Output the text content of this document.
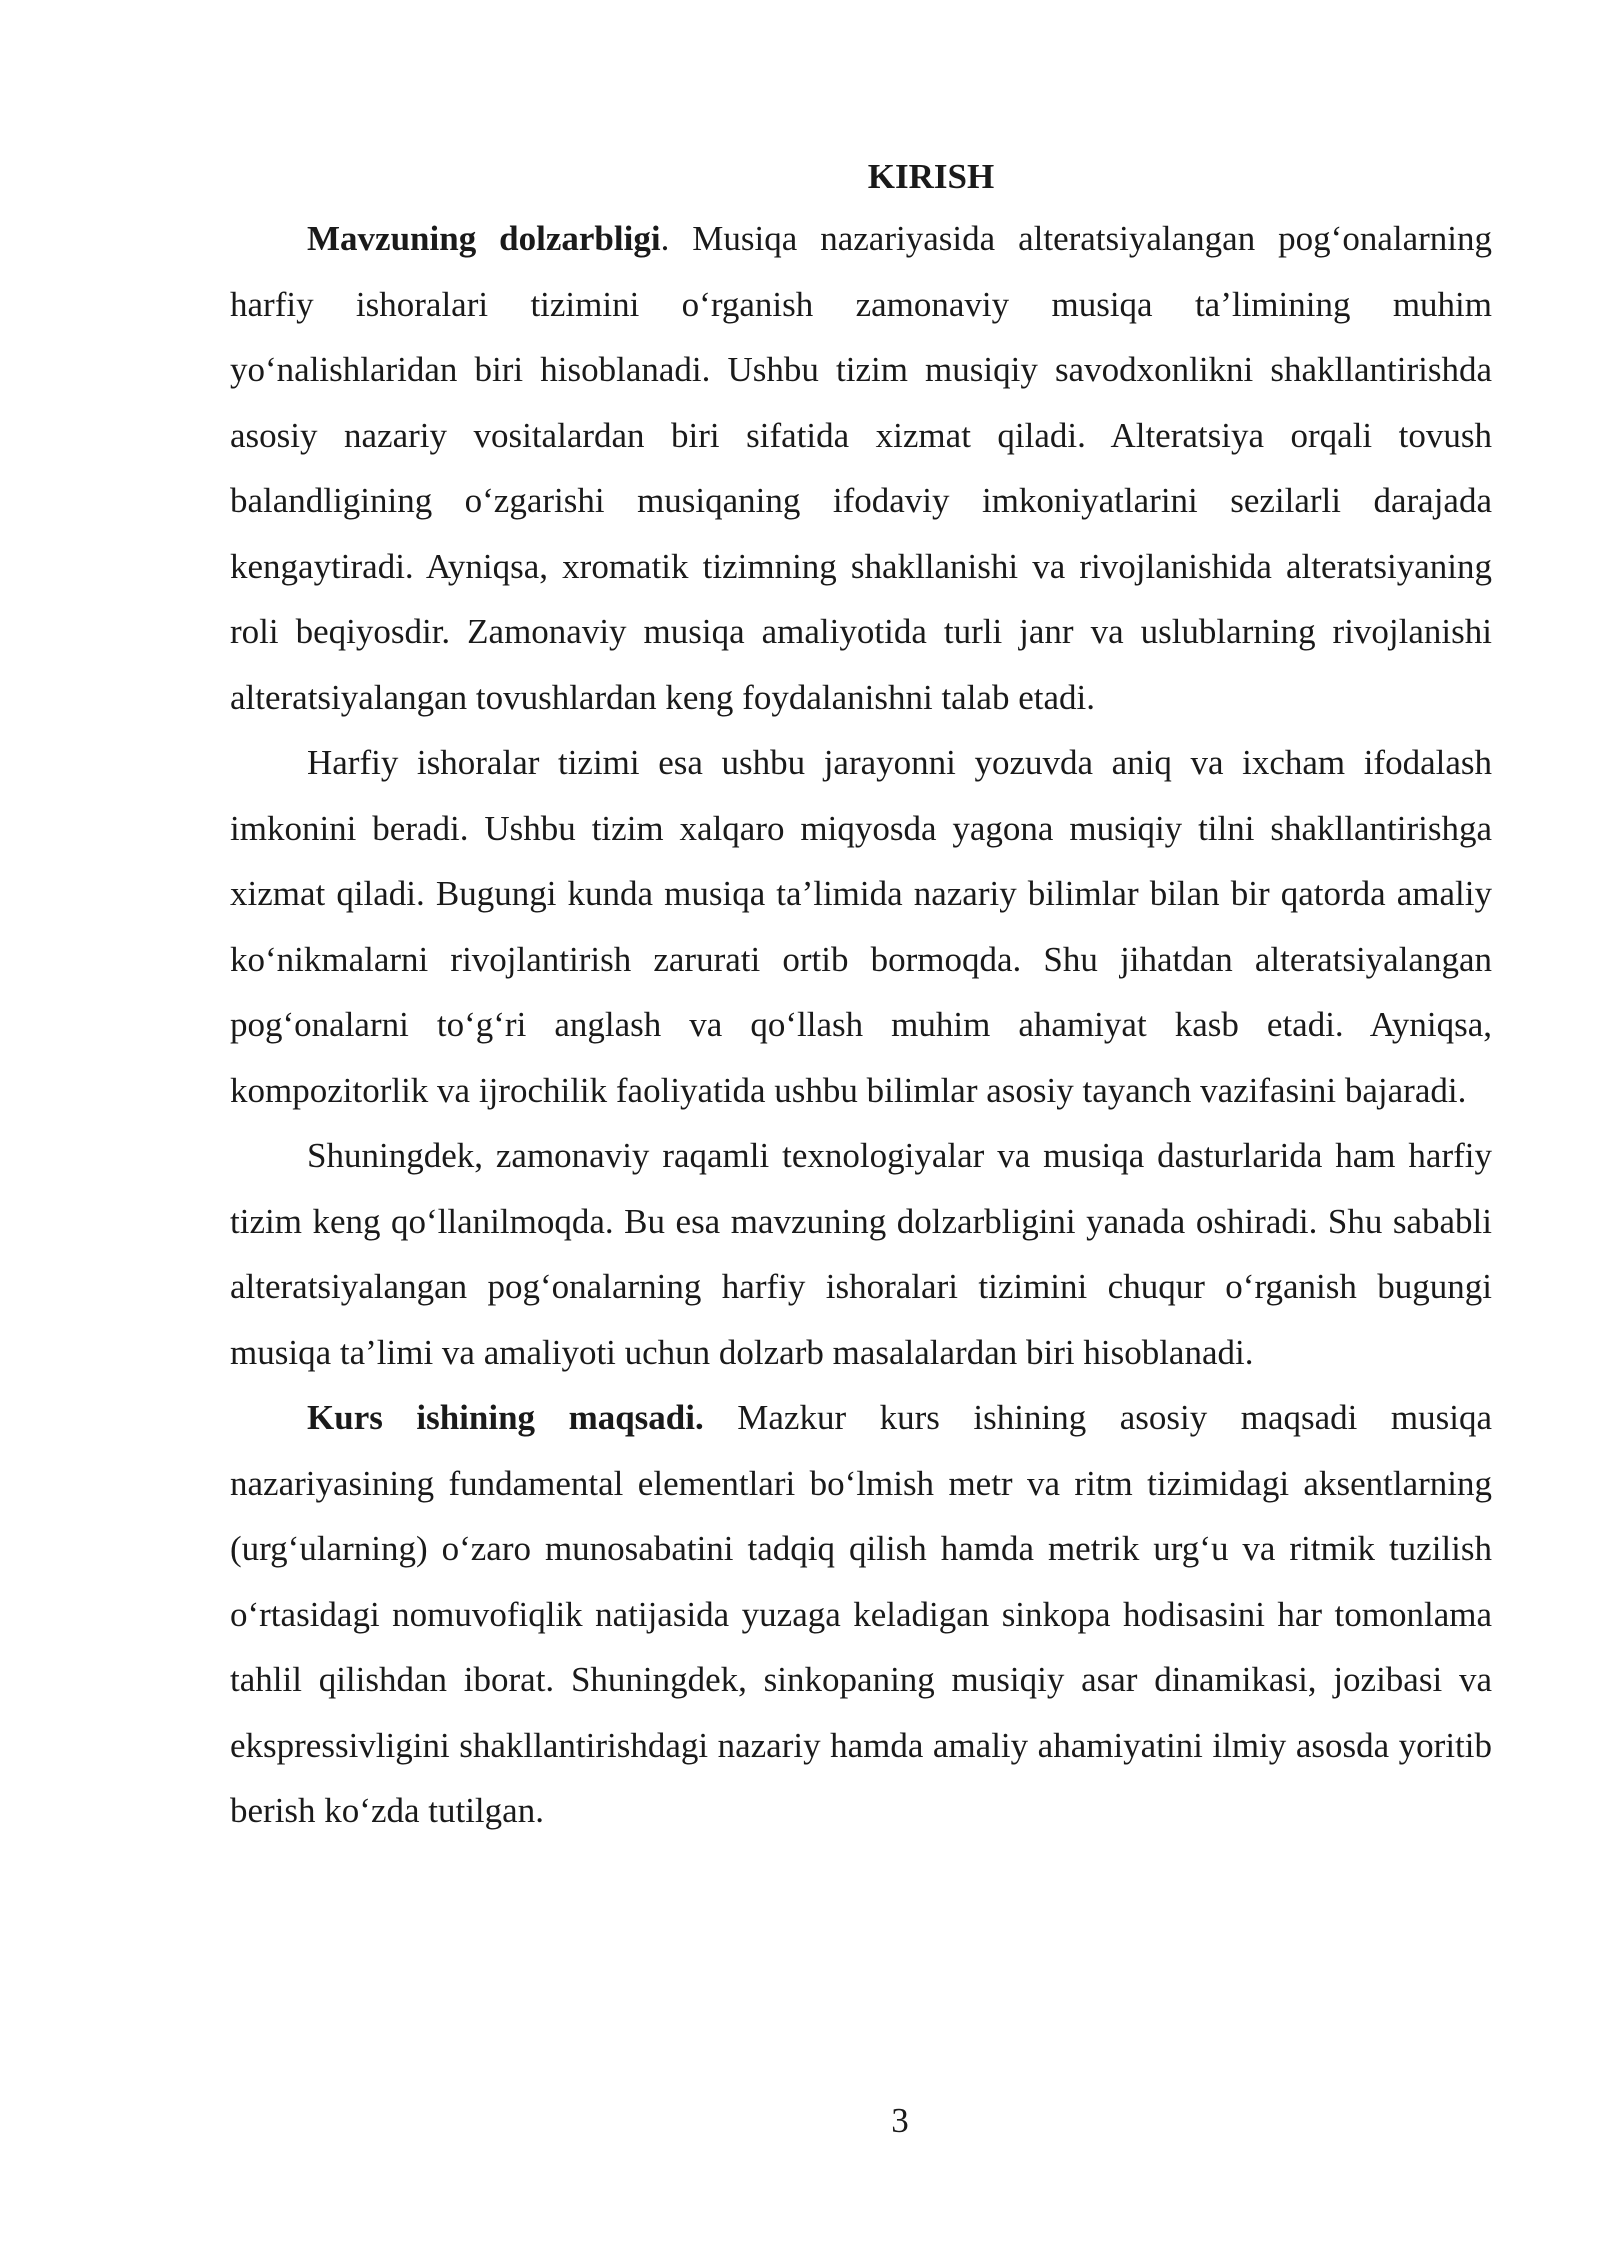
KIRISH

Mavzuning dolzarbligi. Musiqa nazariyasida alteratsiyalangan pog‘onalarning harfiy ishoralari tizimini o‘rganish zamonaviy musiqa ta’limining muhim yo‘nalishlaridan biri hisoblanadi. Ushbu tizim musiqiy savodxonlikni shakllantirishda asosiy nazariy vositalardan biri sifatida xizmat qiladi. Alteratsiya orqali tovush balandligining o‘zgarishi musiqaning ifodaviy imkoniyatlarini sezilarli darajada kengaytiradi. Ayniqsa, xromatik tizimning shakllanishi va rivojlanishida alteratsiyaning roli beqiyosdir. Zamonaviy musiqa amaliyotida turli janr va uslublarning rivojlanishi alteratsiyalangan tovushlardan keng foydalanishni talab etadi.

Harfiy ishoralar tizimi esa ushbu jarayonni yozuvda aniq va ixcham ifodalash imkonini beradi. Ushbu tizim xalqaro miqyosda yagona musiqiy tilni shakllantirishga xizmat qiladi. Bugungi kunda musiqa ta’limida nazariy bilimlar bilan bir qatorda amaliy ko‘nikmalarni rivojlantirish zarurati ortib bormoqda. Shu jihatdan alteratsiyalangan pog‘onalarni to‘g‘ri anglash va qo‘llash muhim ahamiyat kasb etadi. Ayniqsa, kompozitorlik va ijrochilik faoliyatida ushbu bilimlar asosiy tayanch vazifasini bajaradi.

Shuningdek, zamonaviy raqamli texnologiyalar va musiqa dasturlarida ham harfiy tizim keng qo‘llanilmoqda. Bu esa mavzuning dolzarbligini yanada oshiradi. Shu sababli alteratsiyalangan pog‘onalarning harfiy ishoralari tizimini chuqur o‘rganish bugungi musiqa ta’limi va amaliyoti uchun dolzarb masalalardan biri hisoblanadi.

Kurs ishining maqsadi. Mazkur kurs ishining asosiy maqsadi musiqa nazariyasining fundamental elementlari bo‘lmish metr va ritm tizimidagi aksentlarning (urg‘ularning) o‘zaro munosabatini tadqiq qilish hamda metrik urg‘u va ritmik tuzilish o‘rtasidagi nomuvofiqlik natijasida yuzaga keladigan sinkopa hodisasini har tomonlama tahlil qilishdan iborat. Shuningdek, sinkopaning musiqiy asar dinamikasi, jozibasi va ekspressivligini shakllantirishdagi nazariy hamda amaliy ahamiyatini ilmiy asosda yoritib berish ko‘zda tutilgan.

3
